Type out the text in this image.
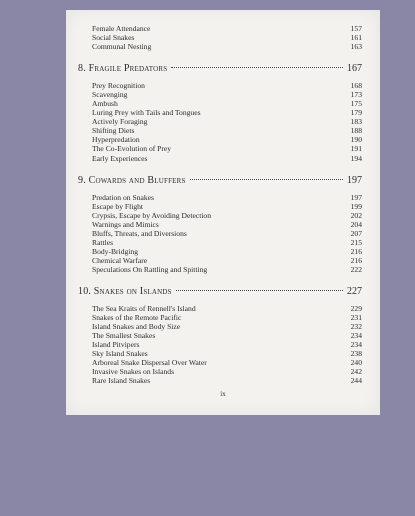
Female Attendance	157
Social Snakes	161
Communal Nesting	163
8. Fragile Predators	167
Prey Recognition	168
Scavenging	173
Ambush	175
Luring Prey with Tails and Tongues	179
Actively Foraging	183
Shifting Diets	188
Hyperpredation	190
The Co-Evolution of Prey	191
Early Experiences	194
9. Cowards and Bluffers	197
Predation on Snakes	197
Escape by Flight	199
Crypsis, Escape by Avoiding Detection	202
Warnings and Mimics	204
Bluffs, Threats, and Diversions	207
Rattles	215
Body-Bridging	216
Chemical Warfare	216
Speculations On Rattling and Spitting	222
10. Snakes on Islands	227
The Sea Kraits of Rennell's Island	229
Snakes of the Remote Pacific	231
Island Snakes and Body Size	232
The Smallest Snakes	234
Island Pitvipers	234
Sky Island Snakes	238
Arboreal Snake Dispersal Over Water	240
Invasive Snakes on Islands	242
Rare Island Snakes	244
ix
